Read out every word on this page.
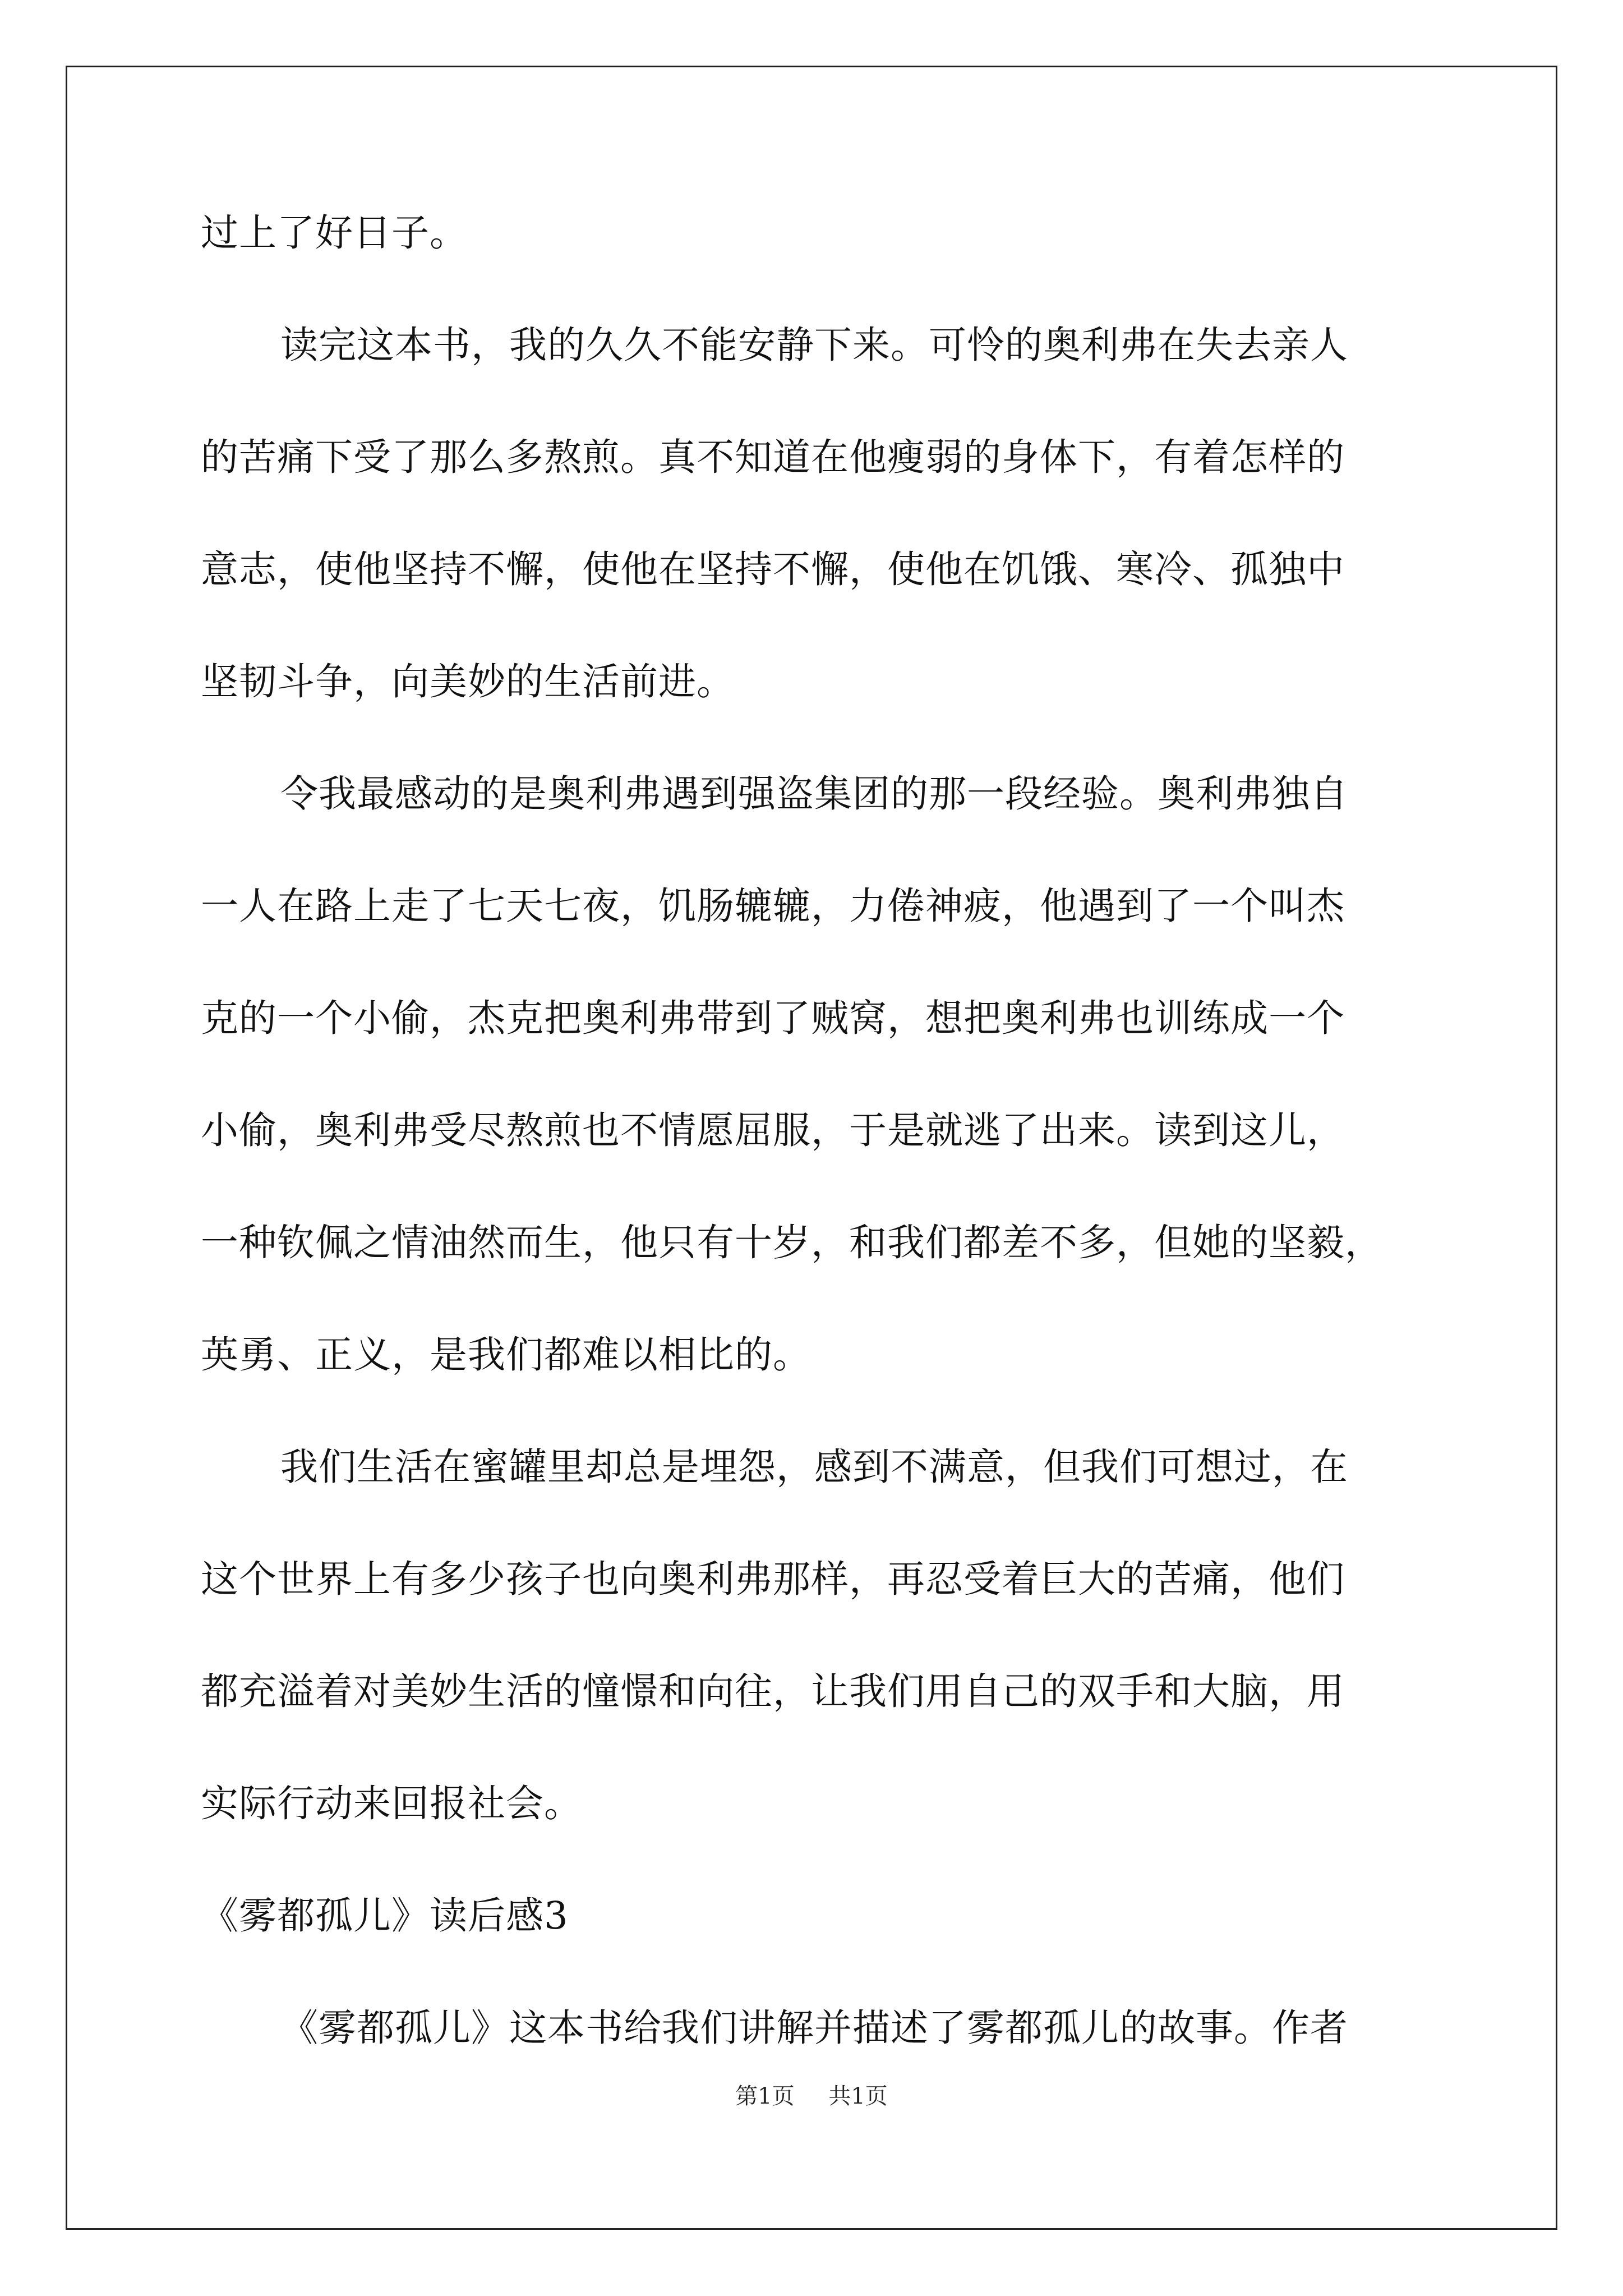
过上了好日子。
读完这本书，我的久久不能安静下来。可怜的奥利弗在失去亲人
的苦痛下受了那么多熬煎。真不知道在他瘦弱的身体下，有着怎样的
意志，使他坚持不懈，使他在坚持不懈，使他在饥饿、寒冷、孤独中
坚韧斗争，向美妙的生活前进。
令我最感动的是奥利弗遇到强盗集团的那一段经验。奥利弗独自
一人在路上走了七天七夜，饥肠辘辘，力倦神疲，他遇到了一个叫杰
克的一个小偷，杰克把奥利弗带到了贼窝，想把奥利弗也训练成一个
小偷，奥利弗受尽熬煎也不情愿屈服，于是就逃了出来。读到这儿，
一种钦佩之情油然而生，他只有十岁，和我们都差不多，但她的坚毅，
英勇、正义，是我们都难以相比的。
我们生活在蜜罐里却总是埋怨，感到不满意，但我们可想过，在
这个世界上有多少孩子也向奥利弗那样，再忍受着巨大的苦痛，他们
都充溢着对美妙生活的憧憬和向往，让我们用自己的双手和大脑，用
实际行动来回报社会。
《雾都孤儿》读后感3
《雾都孤儿》这本书给我们讲解并描述了雾都孤儿的故事。作者
第1页 共1页
